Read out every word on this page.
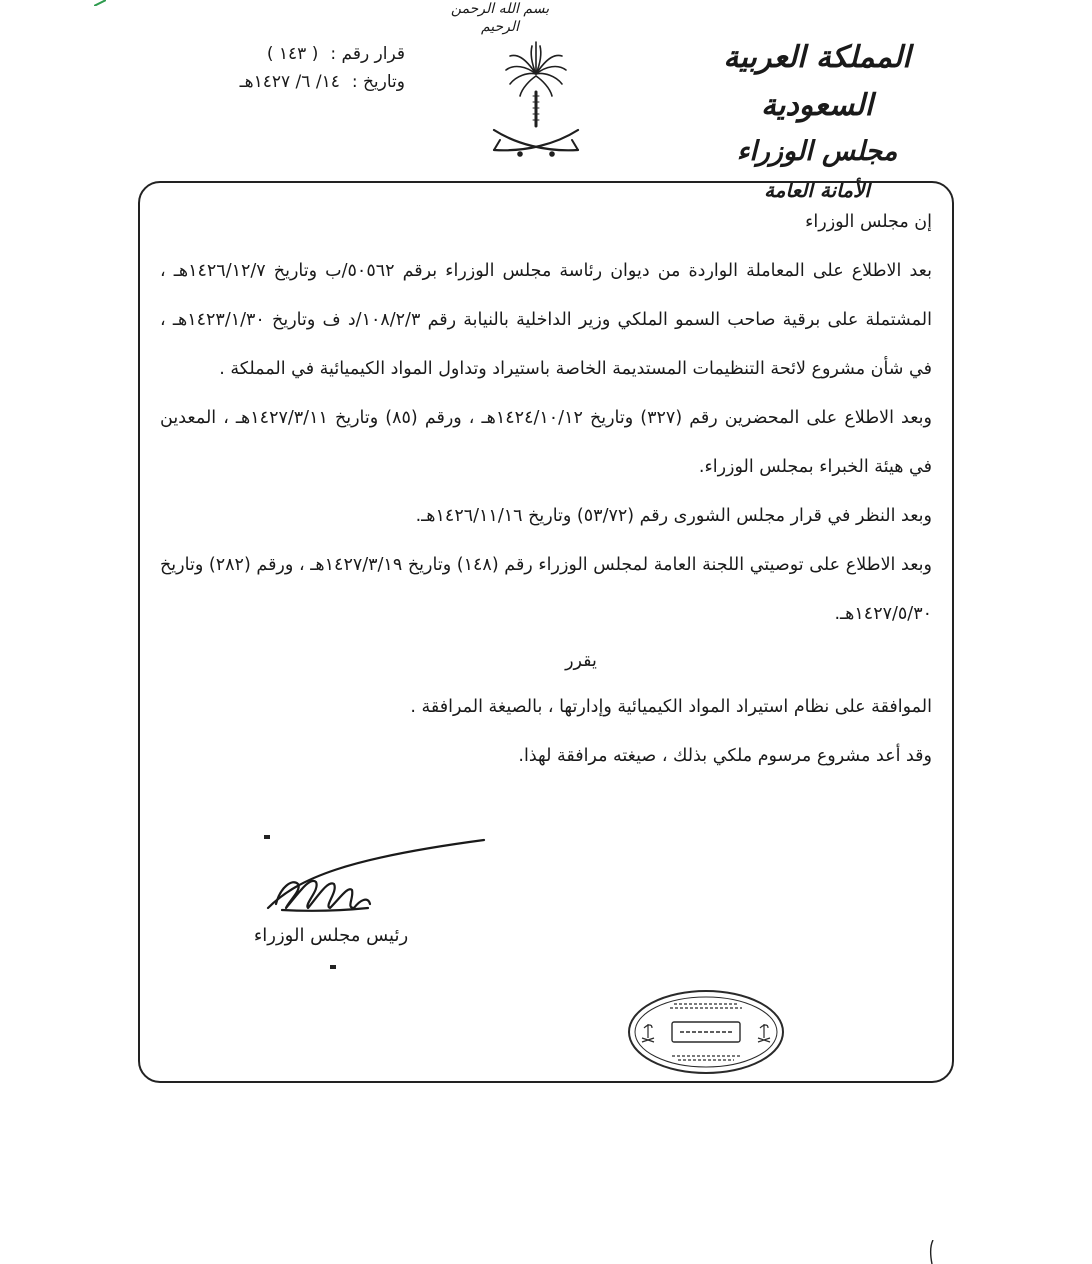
بسم الله الرحمن الرحيم
المملكة العربية السعودية
مجلس الوزراء
الأمانة العامة
قرار رقم :
( ١٤٣ )
وتاريخ :
١٤/ ٦/ ١٤٢٧هـ

إن مجلس الوزراء

بعد الاطلاع على المعاملة الواردة من ديوان رئاسة مجلس الوزراء برقم ٥٠٥٦٢/ب وتاريخ ١٤٢٦/١٢/٧هـ ، المشتملة على برقية صاحب السمو الملكي وزير الداخلية بالنيابة رقم ١٠٨/٢/٣/د ف وتاريخ ١٤٢٣/١/٣٠هـ ، في شأن مشروع لائحة التنظيمات المستديمة الخاصة باستيراد وتداول المواد الكيميائية في المملكة .

وبعد الاطلاع على المحضرين رقم (٣٢٧) وتاريخ ١٤٢٤/١٠/١٢هـ ، ورقم (٨٥) وتاريخ ١٤٢٧/٣/١١هـ ، المعدين في هيئة الخبراء بمجلس الوزراء.

وبعد النظر في قرار مجلس الشورى رقم (٥٣/٧٢) وتاريخ ١٤٢٦/١١/١٦هـ.

وبعد الاطلاع على توصيتي اللجنة العامة لمجلس الوزراء رقم (١٤٨) وتاريخ ١٤٢٧/٣/١٩هـ ، ورقم (٢٨٢) وتاريخ ١٤٢٧/٥/٣٠هـ.

يقرر

الموافقة على نظام استيراد المواد الكيميائية وإدارتها ، بالصيغة المرافقة .

وقد أعد مشروع مرسوم ملكي بذلك ، صيغته مرافقة لهذا.

رئيس مجلس الوزراء
